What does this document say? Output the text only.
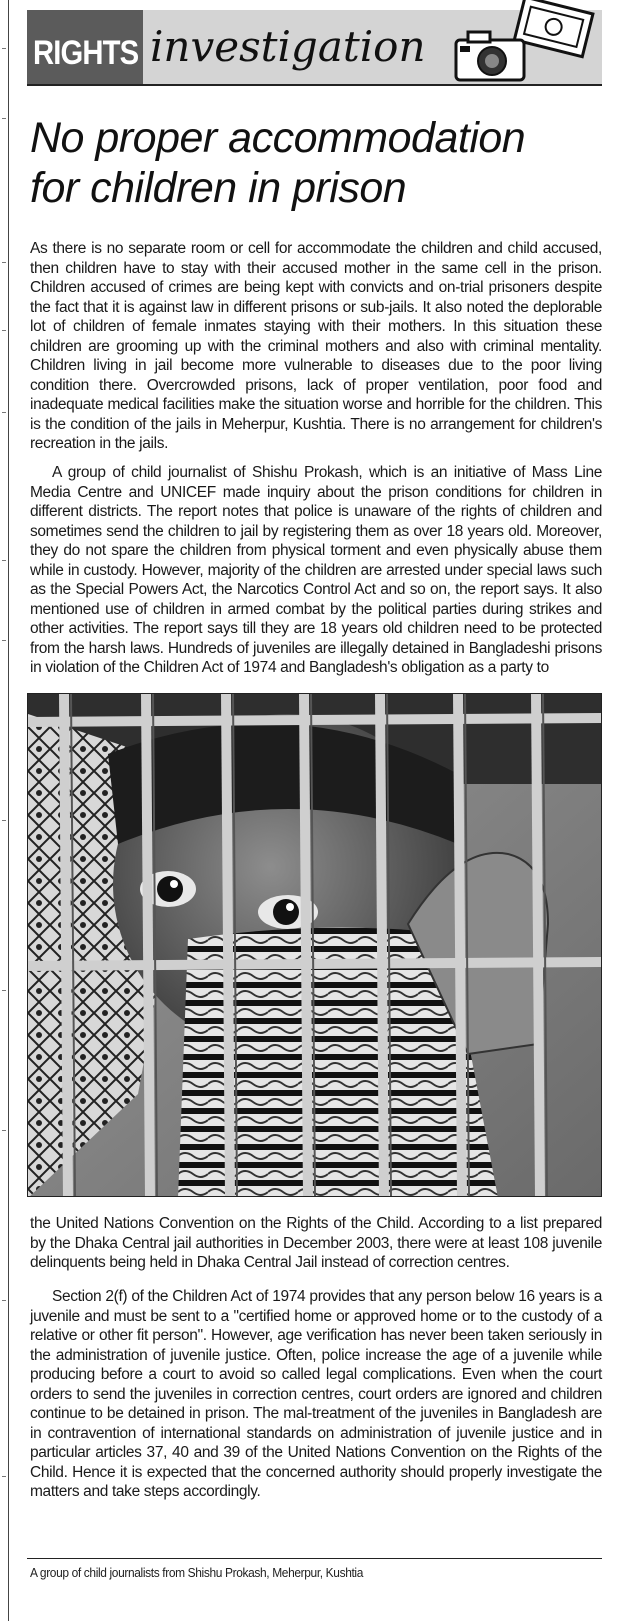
RIGHTS investigation
No proper accommodation
for children in prison

As there is no separate room or cell for accommodate the children and child accused, then children have to stay with their accused mother in the same cell in the prison. Children accused of crimes are being kept with convicts and on-trial prisoners despite the fact that it is against law in different prisons or sub-jails. It also noted the deplorable lot of children of female inmates staying with their mothers. In this situation these children are grooming up with the criminal mothers and also with criminal mentality. Children living in jail become more vulnerable to diseases due to the poor living condition there. Overcrowded prisons, lack of proper ventilation, poor food and inadequate medical facilities make the situation worse and horrible for the children. This is the condition of the jails in Meherpur, Kushtia. There is no arrangement for children's recreation in the jails.

A group of child journalist of Shishu Prokash, which is an initiative of Mass Line Media Centre and UNICEF made inquiry about the prison conditions for children in different districts. The report notes that police is unaware of the rights of children and sometimes send the children to jail by registering them as over 18 years old. Moreover, they do not spare the children from physical torment and even physically abuse them while in custody. However, majority of the children are arrested under special laws such as the Special Powers Act, the Narcotics Control Act and so on, the report says. It also mentioned use of children in armed combat by the political parties during strikes and other activities. The report says till they are 18 years old children need to be protected from the harsh laws. Hundreds of juveniles are illegally detained in Bangladeshi prisons in violation of the Children Act of 1974 and Bangladesh's obligation as a party to

the United Nations Convention on the Rights of the Child. According to a list prepared by the Dhaka Central jail authorities in December 2003, there were at least 108 juvenile delinquents being held in Dhaka Central Jail instead of correction centres.

Section 2(f) of the Children Act of 1974 provides that any person below 16 years is a juvenile and must be sent to a "certified home or approved home or to the custody of a relative or other fit person". However, age verification has never been taken seriously in the administration of juvenile justice. Often, police increase the age of a juvenile while producing before a court to avoid so called legal complications. Even when the court orders to send the juveniles in correction centres, court orders are ignored and children continue to be detained in prison. The mal-treatment of the juveniles in Bangladesh are in contravention of international standards on administration of juvenile justice and in particular articles 37, 40 and 39 of the United Nations Convention on the Rights of the Child. Hence it is expected that the concerned authority should properly investigate the matters and take steps accordingly.

A group of child journalists from Shishu Prokash, Meherpur, Kushtia
